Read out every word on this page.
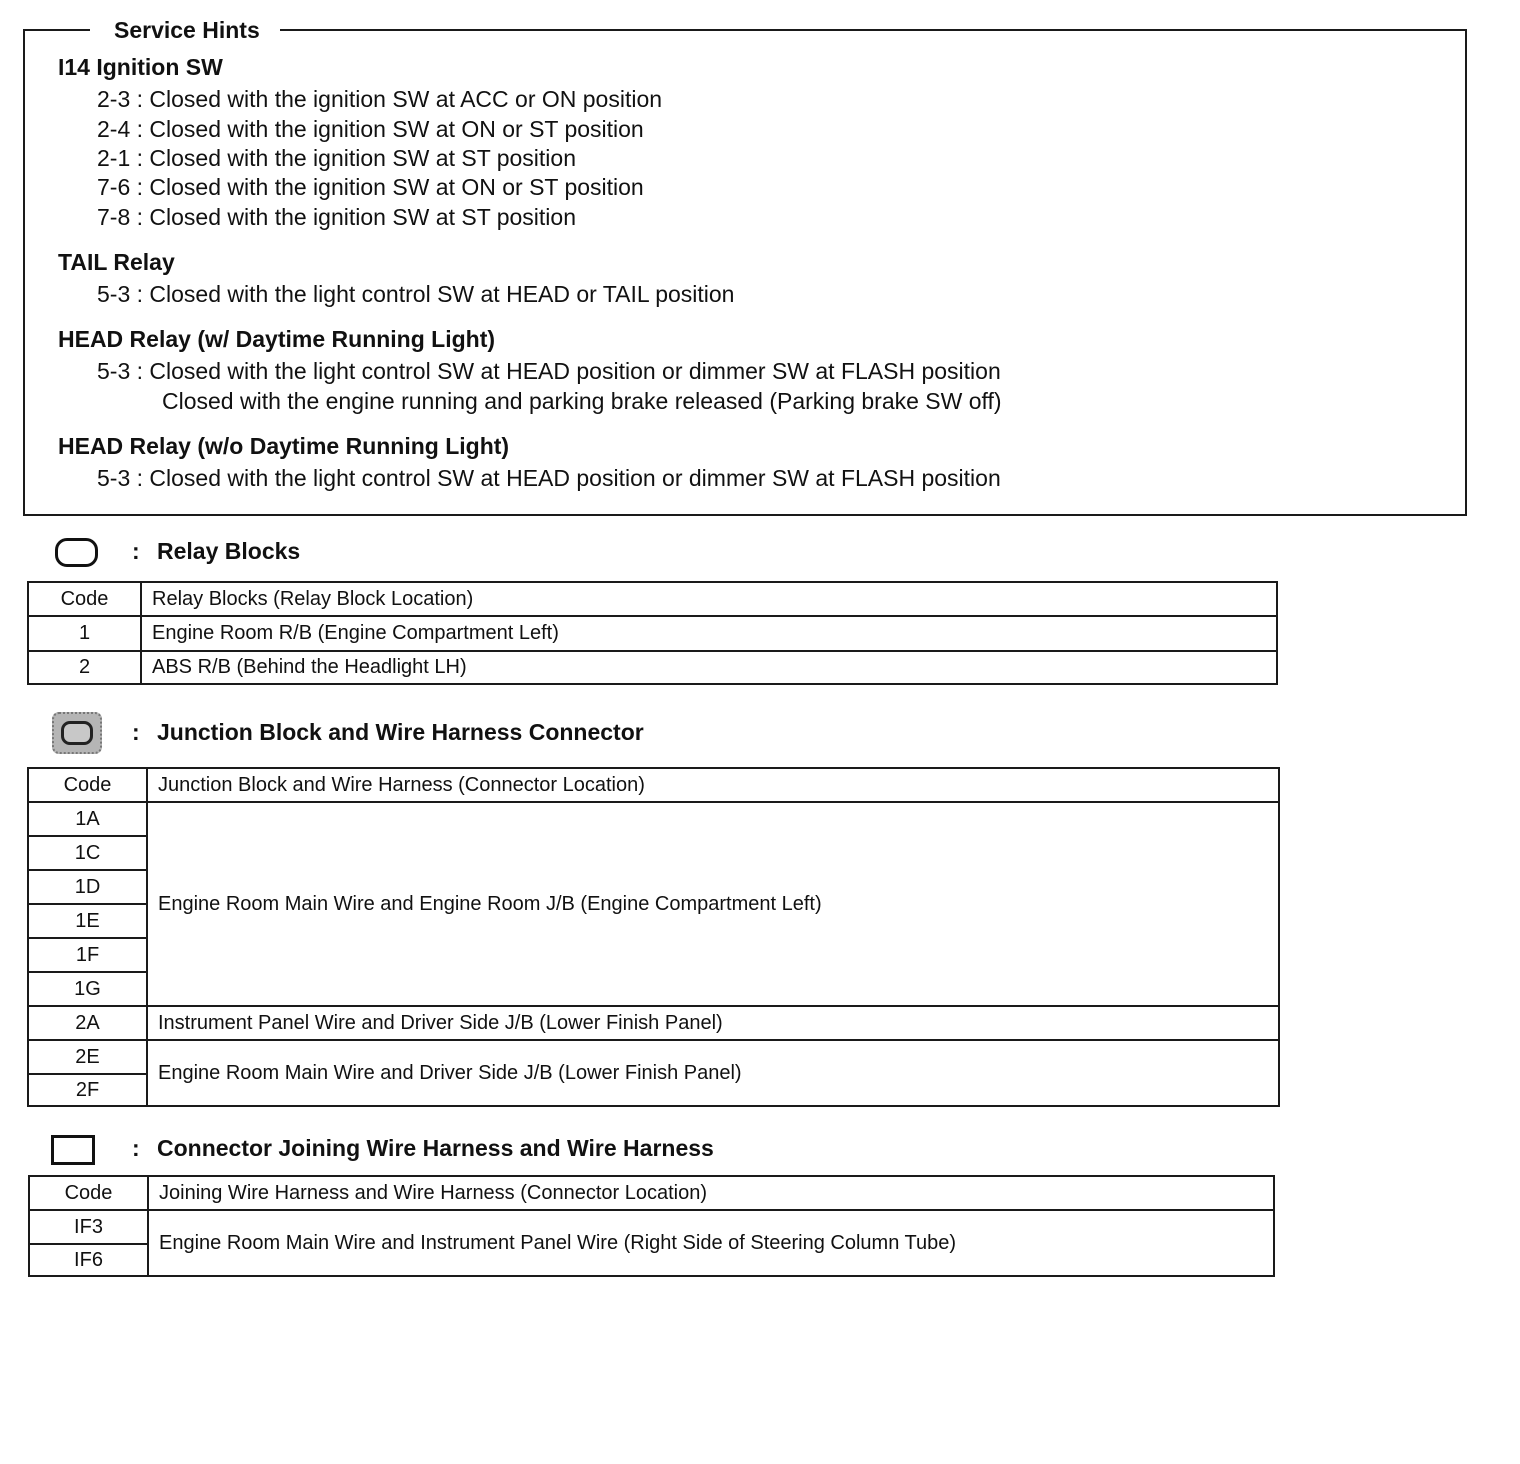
Service Hints
I14 Ignition SW
2-3 : Closed with the ignition SW at ACC or ON position
2-4 : Closed with the ignition SW at ON or ST position
2-1 : Closed with the ignition SW at ST position
7-6 : Closed with the ignition SW at ON or ST position
7-8 : Closed with the ignition SW at ST position
TAIL Relay
5-3 : Closed with the light control SW at HEAD or TAIL position
HEAD Relay (w/ Daytime Running Light)
5-3 : Closed with the light control SW at HEAD position or dimmer SW at FLASH position
Closed with the engine running and parking brake released (Parking brake SW off)
HEAD Relay (w/o Daytime Running Light)
5-3 : Closed with the light control SW at HEAD position or dimmer SW at FLASH position
: Relay Blocks
Code	Relay Blocks (Relay Block Location)
1	Engine Room R/B (Engine Compartment Left)
2	ABS R/B (Behind the Headlight LH)
: Junction Block and Wire Harness Connector
Code	Junction Block and Wire Harness (Connector Location)
1A	Engine Room Main Wire and Engine Room J/B (Engine Compartment Left)
1C	
1D	
1E	
1F	
1G	
2A	Instrument Panel Wire and Driver Side J/B (Lower Finish Panel)
2E	Engine Room Main Wire and Driver Side J/B (Lower Finish Panel)
2F	
: Connector Joining Wire Harness and Wire Harness
Code	Joining Wire Harness and Wire Harness (Connector Location)
IF3	Engine Room Main Wire and Instrument Panel Wire (Right Side of Steering Column Tube)
IF6	
